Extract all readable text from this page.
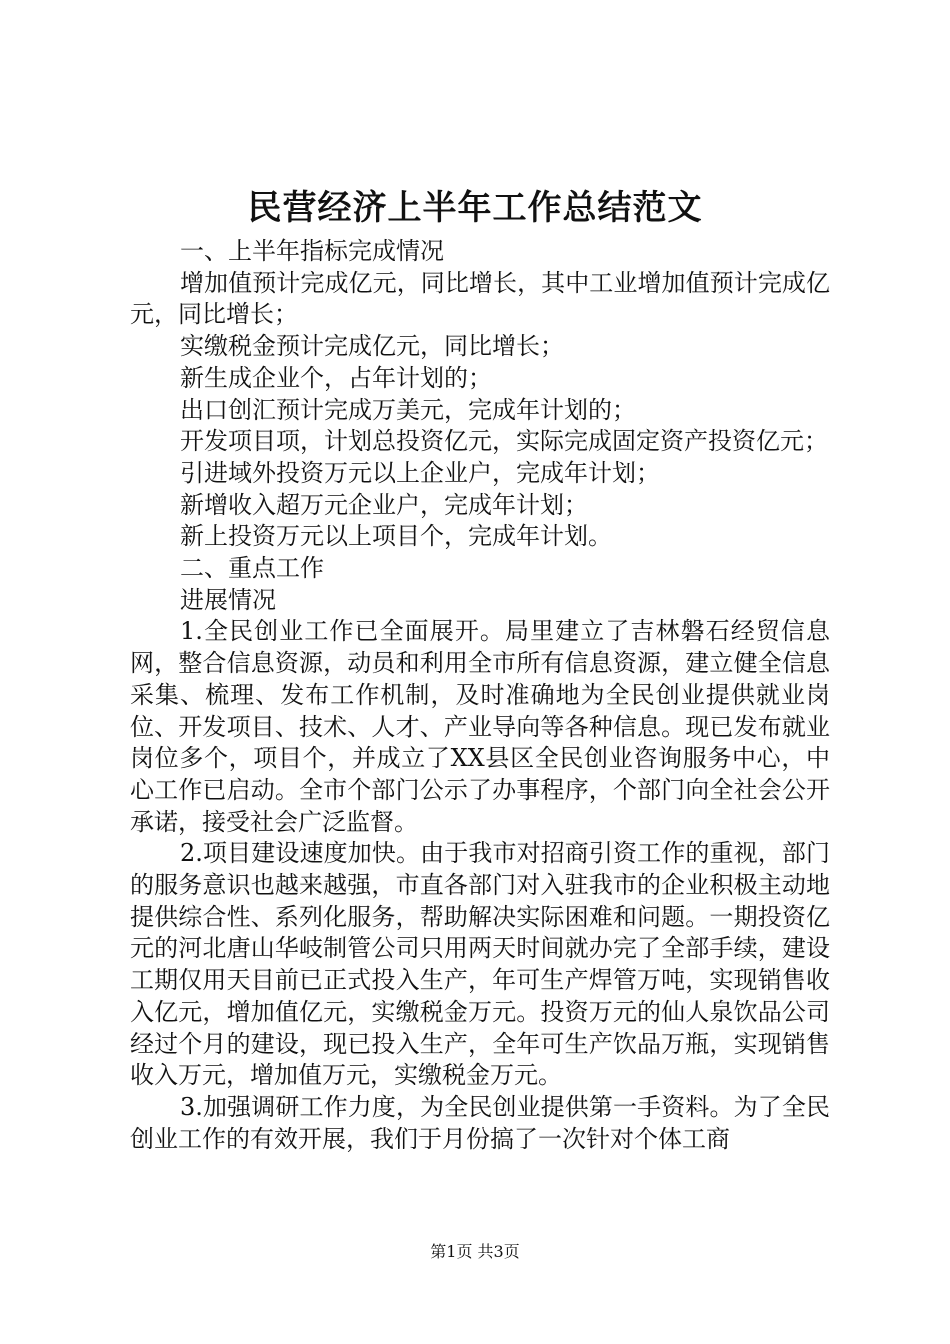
民营经济上半年工作总结范文

一、上半年指标完成情况

增加值预计完成亿元，同比增长，其中工业增加值预计完成亿元，同比增长；

实缴税金预计完成亿元，同比增长；

新生成企业个，占年计划的；

出口创汇预计完成万美元，完成年计划的；

开发项目项，计划总投资亿元，实际完成固定资产投资亿元；

引进域外投资万元以上企业户，完成年计划；

新增收入超万元企业户，完成年计划；

新上投资万元以上项目个，完成年计划。

二、重点工作

进展情况

1.全民创业工作已全面展开。局里建立了吉林磐石经贸信息网，整合信息资源，动员和利用全市所有信息资源，建立健全信息采集、梳理、发布工作机制，及时准确地为全民创业提供就业岗位、开发项目、技术、人才、产业导向等各种信息。现已发布就业岗位多个，项目个，并成立了XX县区全民创业咨询服务中心，中心工作已启动。全市个部门公示了办事程序，个部门向全社会公开承诺，接受社会广泛监督。

2.项目建设速度加快。由于我市对招商引资工作的重视，部门的服务意识也越来越强，市直各部门对入驻我市的企业积极主动地提供综合性、系列化服务，帮助解决实际困难和问题。一期投资亿元的河北唐山华岐制管公司只用两天时间就办完了全部手续，建设工期仅用天目前已正式投入生产，年可生产焊管万吨，实现销售收入亿元，增加值亿元，实缴税金万元。投资万元的仙人泉饮品公司经过个月的建设，现已投入生产，全年可生产饮品万瓶，实现销售收入万元，增加值万元，实缴税金万元。

3.加强调研工作力度，为全民创业提供第一手资料。为了全民创业工作的有效开展，我们于月份搞了一次针对个体工商

第1页 共3页
